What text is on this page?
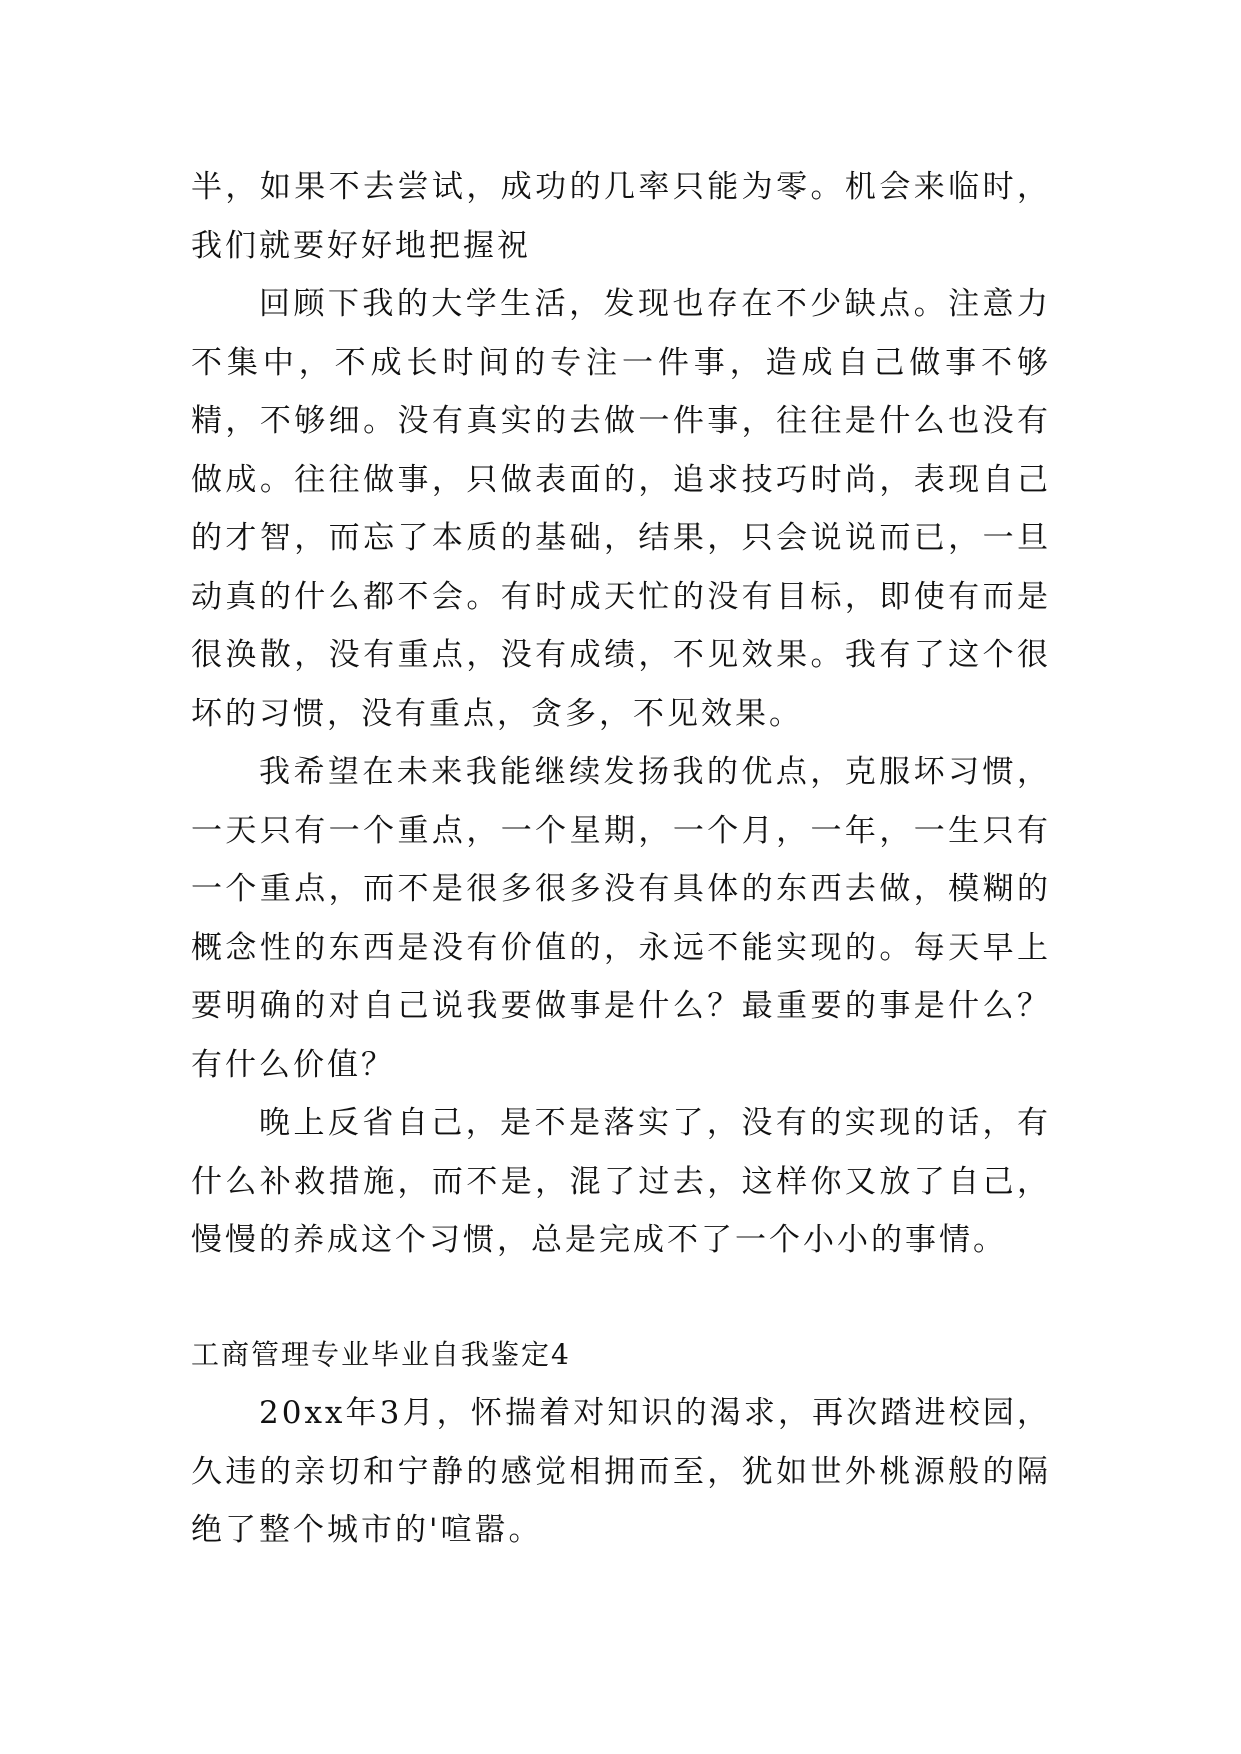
半，如果不去尝试，成功的几率只能为零。机会来临时，我们就要好好地把握祝

回顾下我的大学生活，发现也存在不少缺点。注意力不集中，不成长时间的专注一件事，造成自己做事不够精，不够细。没有真实的去做一件事，往往是什么也没有做成。往往做事，只做表面的，追求技巧时尚，表现自己的才智，而忘了本质的基础，结果，只会说说而已，一旦动真的什么都不会。有时成天忙的没有目标，即使有而是很涣散，没有重点，没有成绩，不见效果。我有了这个很坏的习惯，没有重点，贪多，不见效果。

我希望在未来我能继续发扬我的优点，克服坏习惯，一天只有一个重点，一个星期，一个月，一年，一生只有一个重点，而不是很多很多没有具体的东西去做，模糊的概念性的东西是没有价值的，永远不能实现的。每天早上要明确的对自己说我要做事是什么？最重要的事是什么？有什么价值？

晚上反省自己，是不是落实了，没有的实现的话，有什么补救措施，而不是，混了过去，这样你又放了自己，慢慢的养成这个习惯，总是完成不了一个小小的事情。

工商管理专业毕业自我鉴定4

20xx年3月，怀揣着对知识的渴求，再次踏进校园，久违的亲切和宁静的感觉相拥而至，犹如世外桃源般的隔绝了整个城市的'喧嚣。
